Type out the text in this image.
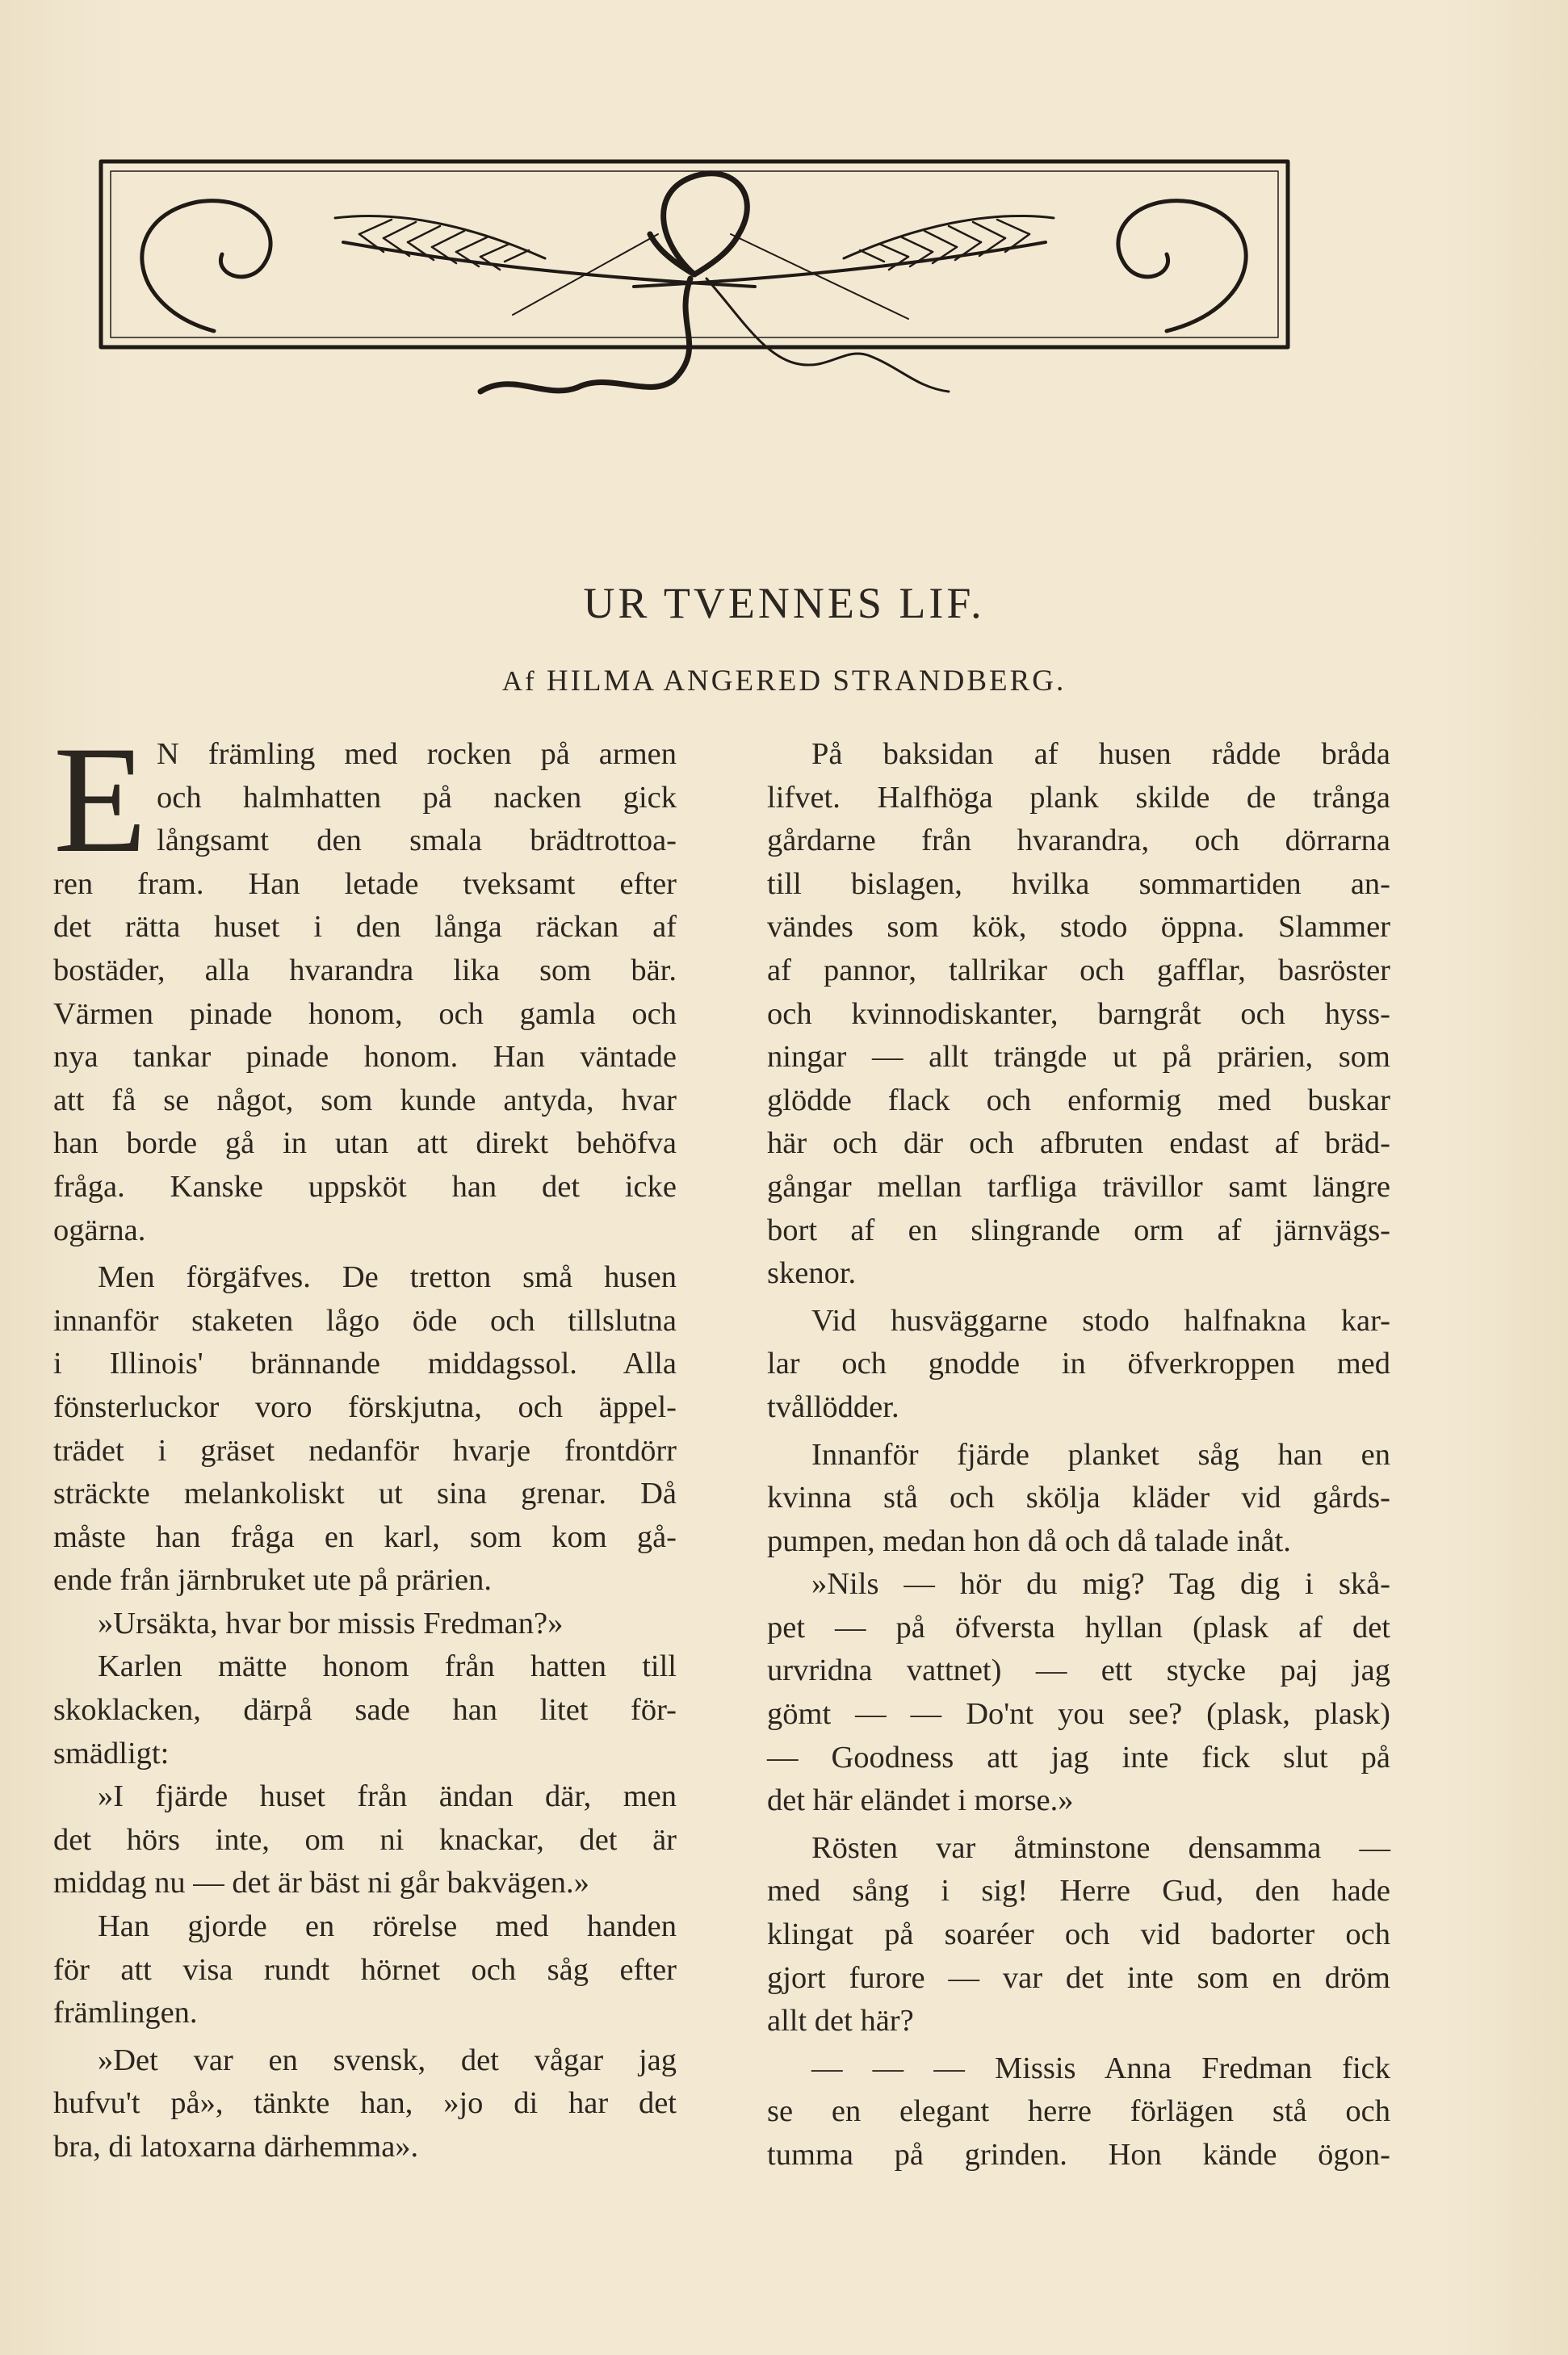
UR TVENNES LIF.
Af HILMA ANGERED STRANDBERG.

E N främling med rocken på armen
och halmhatten på nacken gick
långsamt den smala brädtrottoa-
ren fram. Han letade tveksamt efter
det rätta huset i den långa räckan af
bostäder, alla hvarandra lika som bär.
Värmen pinade honom, och gamla och
nya tankar pinade honom. Han väntade
att få se något, som kunde antyda, hvar
han borde gå in utan att direkt behöfva
fråga. Kanske uppsköt han det icke
ogärna.

Men förgäfves. De tretton små husen
innanför staketen lågo öde och tillslutna
i Illinois' brännande middagssol. Alla
fönsterluckor voro förskjutna, och äppel-
trädet i gräset nedanför hvarje frontdörr
sträckte melankoliskt ut sina grenar. Då
måste han fråga en karl, som kom gå-
ende från järnbruket ute på prärien.

»Ursäkta, hvar bor missis Fredman?»

Karlen mätte honom från hatten till
skoklacken, därpå sade han litet för-
smädligt:

»I fjärde huset från ändan där, men
det hörs inte, om ni knackar, det är
middag nu — det är bäst ni går bakvägen.»

Han gjorde en rörelse med handen
för att visa rundt hörnet och såg efter
främlingen.

»Det var en svensk, det vågar jag
hufvu't på», tänkte han, »jo di har det
bra, di latoxarna därhemma».

På baksidan af husen rådde bråda
lifvet. Halfhöga plank skilde de trånga
gårdarne från hvarandra, och dörrarna
till bislagen, hvilka sommartiden an-
vändes som kök, stodo öppna. Slammer
af pannor, tallrikar och gafflar, basröster
och kvinnodiskanter, barngråt och hyss-
ningar — allt trängde ut på prärien, som
glödde flack och enformig med buskar
här och där och afbruten endast af bräd-
gångar mellan tarfliga trävillor samt längre
bort af en slingrande orm af järnvägs-
skenor.

Vid husväggarne stodo halfnakna kar-
lar och gnodde in öfverkroppen med
tvållödder.

Innanför fjärde planket såg han en
kvinna stå och skölja kläder vid gårds-
pumpen, medan hon då och då talade inåt.

»Nils — hör du mig? Tag dig i skå-
pet — på öfversta hyllan (plask af det
urvridna vattnet) — ett stycke paj jag
gömt — — Do'nt you see? (plask, plask)
— Goodness att jag inte fick slut på
det här eländet i morse.»

Rösten var åtminstone densamma —
med sång i sig! Herre Gud, den hade
klingat på soaréer och vid badorter och
gjort furore — var det inte som en dröm
allt det här?

— — — Missis Anna Fredman fick
se en elegant herre förlägen stå och
tumma på grinden. Hon kände ögon-
